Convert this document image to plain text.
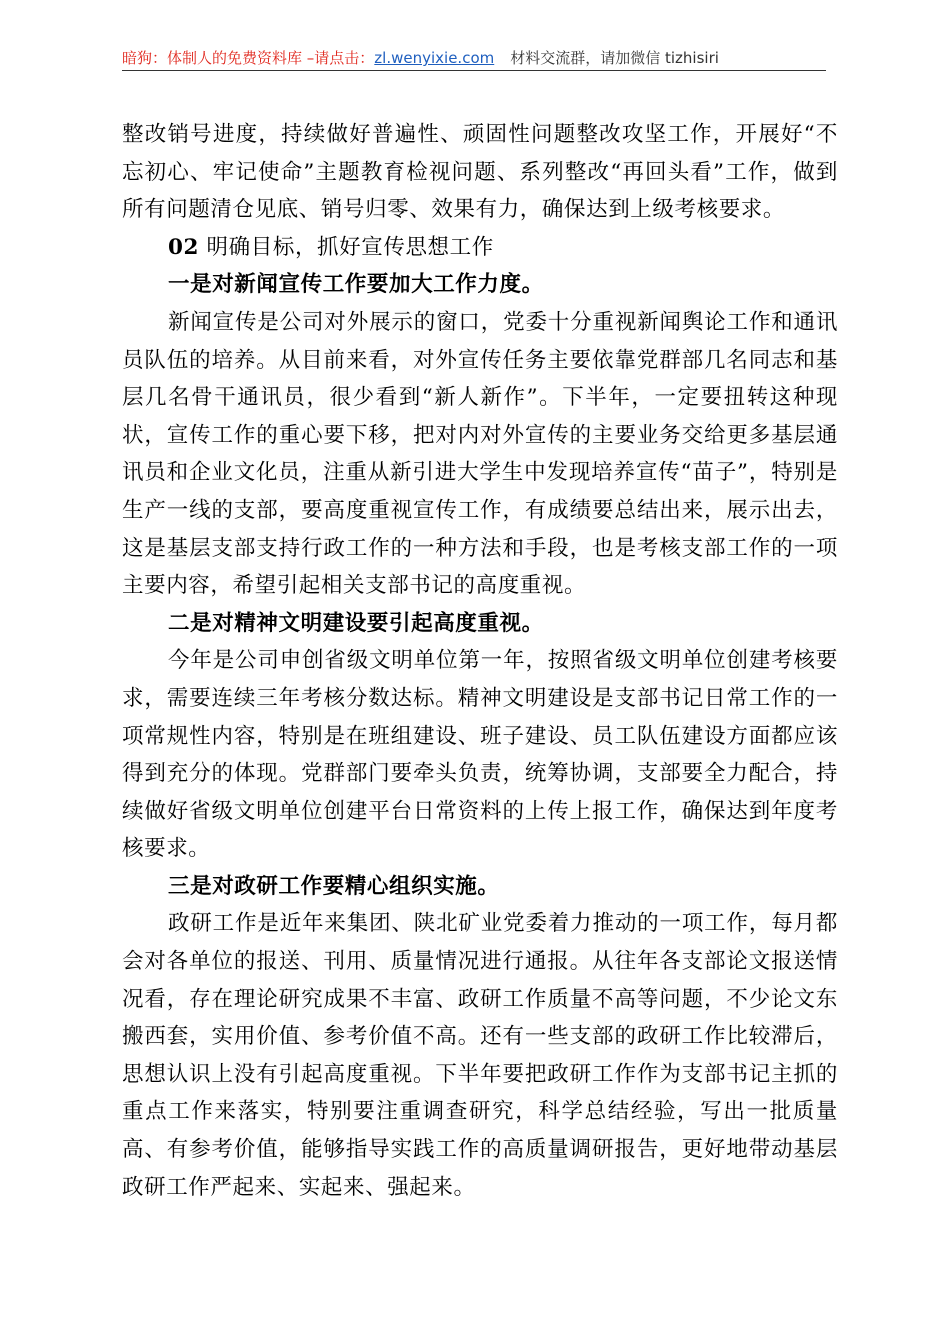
暗狗：体制人的免费资料库 –请点击：zl.wenyixie.com 材料交流群，请加微信 tizhisiri

整改销号进度，持续做好普遍性、顽固性问题整改攻坚工作，开展好“不忘初心、牢记使命”主题教育检视问题、系列整改“再回头看”工作，做到所有问题清仓见底、销号归零、效果有力，确保达到上级考核要求。

02 明确目标，抓好宣传思想工作

一是对新闻宣传工作要加大工作力度。

新闻宣传是公司对外展示的窗口，党委十分重视新闻舆论工作和通讯员队伍的培养。从目前来看，对外宣传任务主要依靠党群部几名同志和基层几名骨干通讯员，很少看到“新人新作”。下半年，一定要扭转这种现状，宣传工作的重心要下移，把对内对外宣传的主要业务交给更多基层通讯员和企业文化员，注重从新引进大学生中发现培养宣传“苗子”，特别是生产一线的支部，要高度重视宣传工作，有成绩要总结出来，展示出去，这是基层支部支持行政工作的一种方法和手段，也是考核支部工作的一项主要内容，希望引起相关支部书记的高度重视。

二是对精神文明建设要引起高度重视。

今年是公司申创省级文明单位第一年，按照省级文明单位创建考核要求，需要连续三年考核分数达标。精神文明建设是支部书记日常工作的一项常规性内容，特别是在班组建设、班子建设、员工队伍建设方面都应该得到充分的体现。党群部门要牵头负责，统筹协调，支部要全力配合，持续做好省级文明单位创建平台日常资料的上传上报工作，确保达到年度考核要求。

三是对政研工作要精心组织实施。

政研工作是近年来集团、陕北矿业党委着力推动的一项工作，每月都会对各单位的报送、刊用、质量情况进行通报。从往年各支部论文报送情况看，存在理论研究成果不丰富、政研工作质量不高等问题，不少论文东搬西套，实用价值、参考价值不高。还有一些支部的政研工作比较滞后，思想认识上没有引起高度重视。下半年要把政研工作作为支部书记主抓的重点工作来落实，特别要注重调查研究，科学总结经验，写出一批质量高、有参考价值，能够指导实践工作的高质量调研报告，更好地带动基层政研工作严起来、实起来、强起来。
